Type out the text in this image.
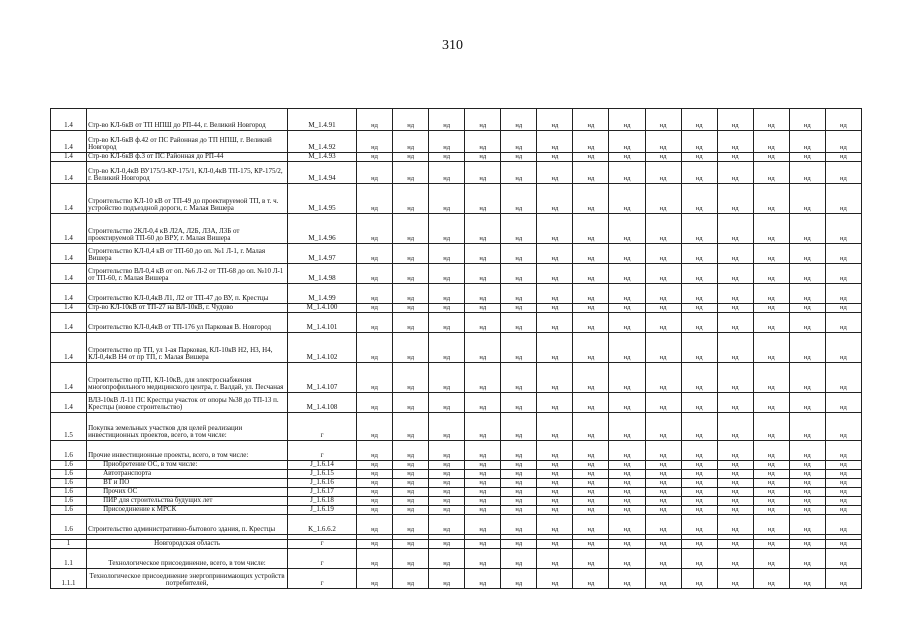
310
1.4	Стр-во КЛ-6кВ от ТП НПШ до РП-44, г. Великий Новгород	М_1.4.91	нд	нд	нд	нд	нд	нд	нд	нд	нд	нд	нд	нд	нд	нд
1.4	Стр-во КЛ-6кВ ф.42 от ПС Районная до ТП НПШ, г. Великий Новгород	М_1.4.92	нд	нд	нд	нд	нд	нд	нд	нд	нд	нд	нд	нд	нд	нд
1.4	Стр-во КЛ-6кВ ф.3 от ПС Районная до РП-44	М_1.4.93	нд	нд	нд	нд	нд	нд	нд	нд	нд	нд	нд	нд	нд	нд
1.4	Стр-во КЛ-0,4кВ ВУ175/3-КР-175/1, КЛ-0,4кВ ТП-175, КР-175/2, г. Великий Новгород	М_1.4.94	нд	нд	нд	нд	нд	нд	нд	нд	нд	нд	нд	нд	нд	нд
1.4	Строительство КЛ-10 кВ от ТП-49 до проектируемой ТП, в т. ч. устройство подъездной дороги, г. Малая Вишера	М_1.4.95	нд	нд	нд	нд	нд	нд	нд	нд	нд	нд	нд	нд	нд	нд
1.4	Строительство 2КЛ-0,4 кВ Л2А, Л2Б, Л3А, Л3Б от проектируемой ТП-60 до ВРУ, г. Малая Вишера	М_1.4.96	нд	нд	нд	нд	нд	нд	нд	нд	нд	нд	нд	нд	нд	нд
1.4	Строительство КЛ-0,4 кВ от ТП-60 до оп. №1 Л-1, г. Малая Вишера	М_1.4.97	нд	нд	нд	нд	нд	нд	нд	нд	нд	нд	нд	нд	нд	нд
1.4	Строительство ВЛ-0,4 кВ от оп. №6 Л-2 от ТП-68 до оп. №10 Л-1 от ТП-60, г. Малая Вишера	М_1.4.98	нд	нд	нд	нд	нд	нд	нд	нд	нд	нд	нд	нд	нд	нд
1.4	Строительство КЛ-0,4кВ Л1, Л2 от ТП-47 до ВУ, п. Крестцы	М_1.4.99	нд	нд	нд	нд	нд	нд	нд	нд	нд	нд	нд	нд	нд	нд
1.4	Стр-во КЛ-10кВ от ТП-27 на ВЛ-10кВ, г. Чудово	М_1.4.100	нд	нд	нд	нд	нд	нд	нд	нд	нд	нд	нд	нд	нд	нд
1.4	Строительство КЛ-0,4кВ от ТП-176 ул Парковая В. Новгород	М_1.4.101	нд	нд	нд	нд	нд	нд	нд	нд	нд	нд	нд	нд	нд	нд
1.4	Строительство пр ТП, ул 1-ая Парковая, КЛ-10кВ Н2, Н3, Н4, КЛ-0,4кВ Н4 от пр ТП, г. Малая Вишера	М_1.4.102	нд	нд	нд	нд	нд	нд	нд	нд	нд	нд	нд	нд	нд	нд
1.4	Строительство прТП, КЛ-10кВ, для электроснабжения многопрофильного медицинского центра, г. Валдай, ул. Песчаная	М_1.4.107	нд	нд	нд	нд	нд	нд	нд	нд	нд	нд	нд	нд	нд	нд
1.4	ВЛЗ-10кВ Л-11 ПС Крестцы участок от опоры №38 до ТП-13 п. Крестцы (новое строительство)	М_1.4.108	нд	нд	нд	нд	нд	нд	нд	нд	нд	нд	нд	нд	нд	нд
1.5	Покупка земельных участков для целей реализации инвестиционных проектов, всего, в том числе:	г	нд	нд	нд	нд	нд	нд	нд	нд	нд	нд	нд	нд	нд	нд
1.6	Прочие инвестиционные проекты, всего, в том числе:	г	нд	нд	нд	нд	нд	нд	нд	нд	нд	нд	нд	нд	нд	нд
1.6	Приобретение ОС, в том числе:	J_1.6.14	нд	нд	нд	нд	нд	нд	нд	нд	нд	нд	нд	нд	нд	нд
1.6	Автотранспорта	J_1.6.15	нд	нд	нд	нд	нд	нд	нд	нд	нд	нд	нд	нд	нд	нд
1.6	ВТ и ПО	J_1.6.16	нд	нд	нд	нд	нд	нд	нд	нд	нд	нд	нд	нд	нд	нд
1.6	Прочих ОС	J_1.6.17	нд	нд	нд	нд	нд	нд	нд	нд	нд	нд	нд	нд	нд	нд
1.6	ПИР для строительства будущих лет	J_1.6.18	нд	нд	нд	нд	нд	нд	нд	нд	нд	нд	нд	нд	нд	нд
1.6	Присоединение к МРСК	J_1.6.19	нд	нд	нд	нд	нд	нд	нд	нд	нд	нд	нд	нд	нд	нд
1.6	Строительство административно-бытового здания, п. Крестцы	K_1.6.6.2	нд	нд	нд	нд	нд	нд	нд	нд	нд	нд	нд	нд	нд	нд

1	Новгородская область	г	нд	нд	нд	нд	нд	нд	нд	нд	нд	нд	нд	нд	нд	нд
1.1	Технологическое присоединение, всего, в том числе:	г	нд	нд	нд	нд	нд	нд	нд	нд	нд	нд	нд	нд	нд	нд
1.1.1	Технологическое присоединение энергопринимающих устройств потребителей,	г	нд	нд	нд	нд	нд	нд	нд	нд	нд	нд	нд	нд	нд	нд
